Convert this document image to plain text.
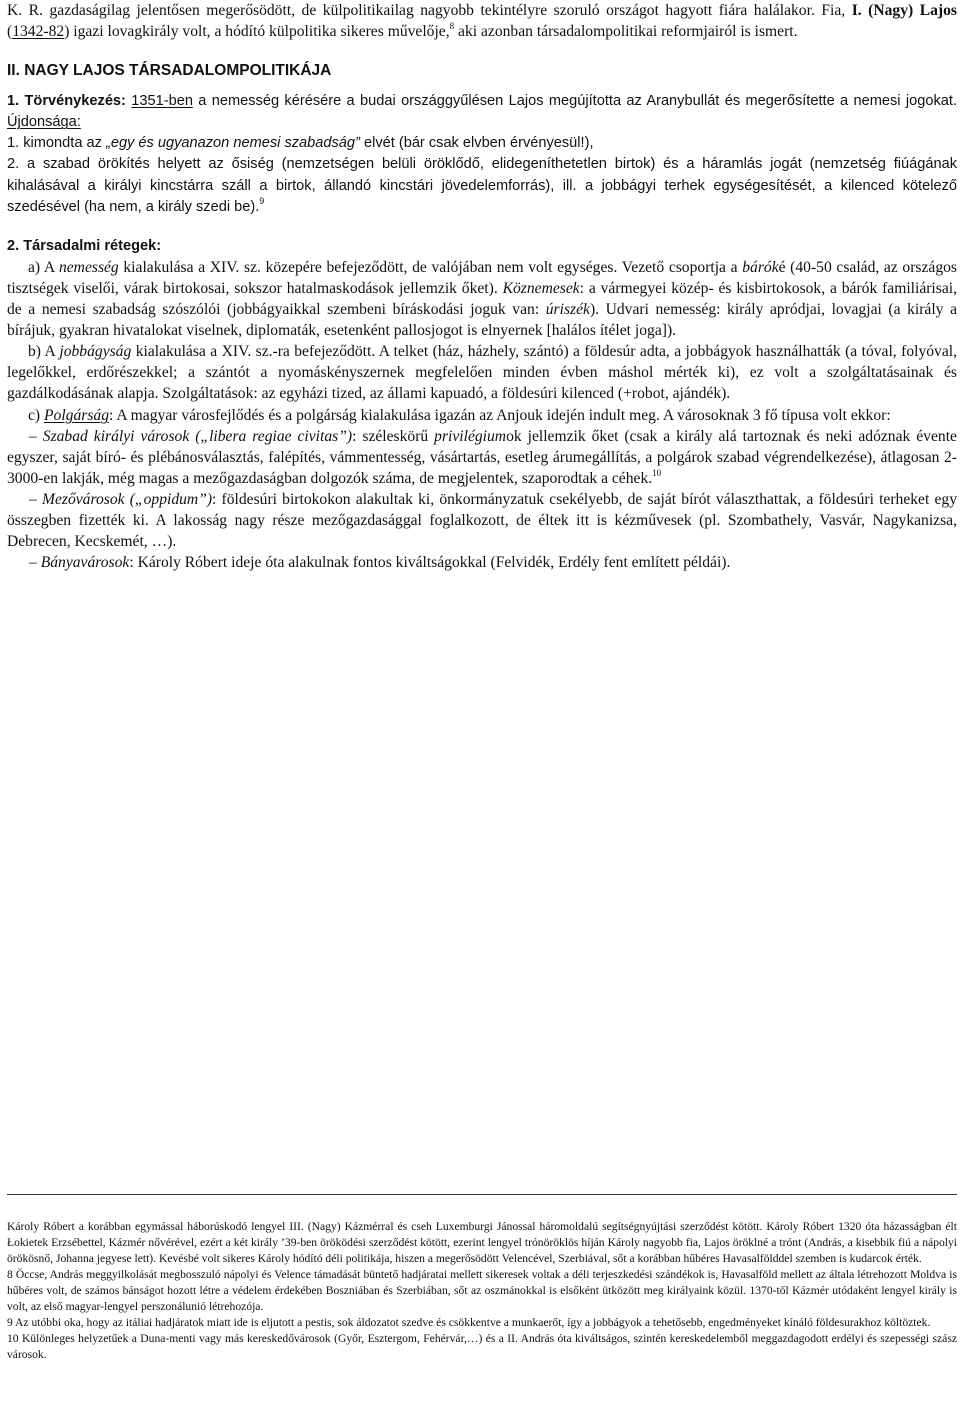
K. R. gazdaságilag jelentősen megerősödött, de külpolitikailag nagyobb tekintélyre szoruló országot hagyott fiára halálakor. Fia, I. (Nagy) Lajos (1342-82) igazi lovagkirály volt, a hódító külpolitika sikeres művelője,$^8$ aki azonban társadalompolitikai reformjairól is ismert.

II. NAGY LAJOS TÁRSADALOMPOLITIKÁJA

1. Törvénykezés: 1351-ben a nemesség kérésére a budai országgyűlésen Lajos megújította az Aranybullát és megerősítette a nemesi jogokat. Újdonsága:

1. kimondta az „egy és ugyanazon nemesi szabadság” elvét (bár csak elvben érvényesül!),

2. a szabad örökítés helyett az ősiség (nemzetségen belüli öröklődő, elidegeníthetetlen birtok) és a háramlás jogát (nemzetség fiúágának kihalásával a királyi kincstárra száll a birtok, állandó kincstári jövedelemforrás), ill. a jobbágyi terhek egységesítését, a kilenced kötelező szedésével (ha nem, a király szedi be).$^9$

2. Társadalmi rétegek:

a) A nemesség kialakulása a XIV. sz. közepére befejeződött, de valójában nem volt egységes. Vezető csoportja a báróké (40-50 család, az országos tisztségek viselői, várak birtokosai, sokszor hatalmaskodások jellemzik őket). Köznemesek: a vármegyei közép- és kisbirtokosok, a bárók familiárisai, de a nemesi szabadság szószólói (jobbágyaikkal szembeni bíráskodási joguk van: úriszék). Udvari nemesség: király apródjai, lovagjai (a király a bírájuk, gyakran hivatalokat viselnek, diplomaták, esetenként pallosjogot is elnyernek [halálos ítélet joga]).

b) A jobbágyság kialakulása a XIV. sz.-ra befejeződött. A telket (ház, házhely, szántó) a földesúr adta, a jobbágyok használhatták (a tóval, folyóval, legelőkkel, erdőrészekkel; a szántót a nyomáskényszernek megfelelően minden évben máshol mérték ki), ez volt a szolgáltatásainak és gazdálkodásának alapja. Szolgáltatások: az egyházi tized, az állami kapuadó, a földesúri kilenced (+robot, ajándék).

c) Polgárság: A magyar városfejlődés és a polgárság kialakulása igazán az Anjouk idején indult meg. A városoknak 3 fő típusa volt ekkor:

– Szabad királyi városok („libera regiae civitas”): széleskörű privilégiumok jellemzik őket (csak a király alá tartoznak és neki adóznak évente egyszer, saját bíró- és plébánosválasztás, falépítés, vámmentesség, vásártartás, esetleg árumegállítás, a polgárok szabad végrendelkezése), átlagosan 2-3000-en lakják, még magas a mezőgazdaságban dolgozók száma, de megjelentek, szaporodtak a céhek.$^{10}$

– Mezővárosok („oppidum”): földesúri birtokokon alakultak ki, önkormányzatuk csekélyebb, de saját bírót választhattak, a földesúri terheket egy összegben fizették ki. A lakosság nagy része mezőgazdasággal foglalkozott, de éltek itt is kézművesek (pl. Szombathely, Vasvár, Nagykanizsa, Debrecen, Kecskemét, …).

– Bányavárosok: Károly Róbert ideje óta alakulnak fontos kiváltságokkal (Felvidék, Erdély fent említett példái).

Károly Róbert a korábban egymással háborúskodó lengyel III. (Nagy) Kázmérral és cseh Luxemburgi Jánossal háromoldalú segítségnyújtási szerződést kötött. Károly Róbert 1320 óta házasságban élt Łokietek Erzsébettel, Kázmér nővérével, ezért a két király ’39-ben öröködési szerződést kötött, ezerint lengyel trónöröklös híján Károly nagyobb fia, Lajos öröklné a trónt (András, a kisebbik fiú a nápolyi örökösnő, Johanna jegyese lett). Kevésbé volt sikeres Károly hódító déli politikája, hiszen a megerősödött Velencével, Szerbiával, sőt a korábban hűbéres Havasalfölddel szemben is kudarcok érték.

8 Öccse, András meggyilkolását megbosszuló nápolyi és Velence támadását büntető hadjáratai mellett sikeresek voltak a déli terjeszkedési szándékok is, Havasalföld mellett az általa létrehozott Moldva is hűbéres volt, de számos bánságot hozott létre a védelem érdekében Boszniában és Szerbiában, sőt az oszmánokkal is elsőként ütközött meg királyaink közül. 1370-től Kázmér utódaként lengyel király is volt, az első magyar-lengyel perszonálunió létrehozója.

9 Az utóbbi oka, hogy az itáliai hadjáratok miatt ide is eljutott a pestis, sok áldozatot szedve és csökkentve a munkaerőt, így a jobbágyok a tehetősebb, engedményeket kínáló földesurakhoz költöztek.

10 Különleges helyzetűek a Duna-menti vagy más kereskedővárosok (Győr, Esztergom, Fehérvár,…) és a II. András óta kiváltságos, szintén kereskedelemből meggazdagodott erdélyi és szepességi szász városok.
